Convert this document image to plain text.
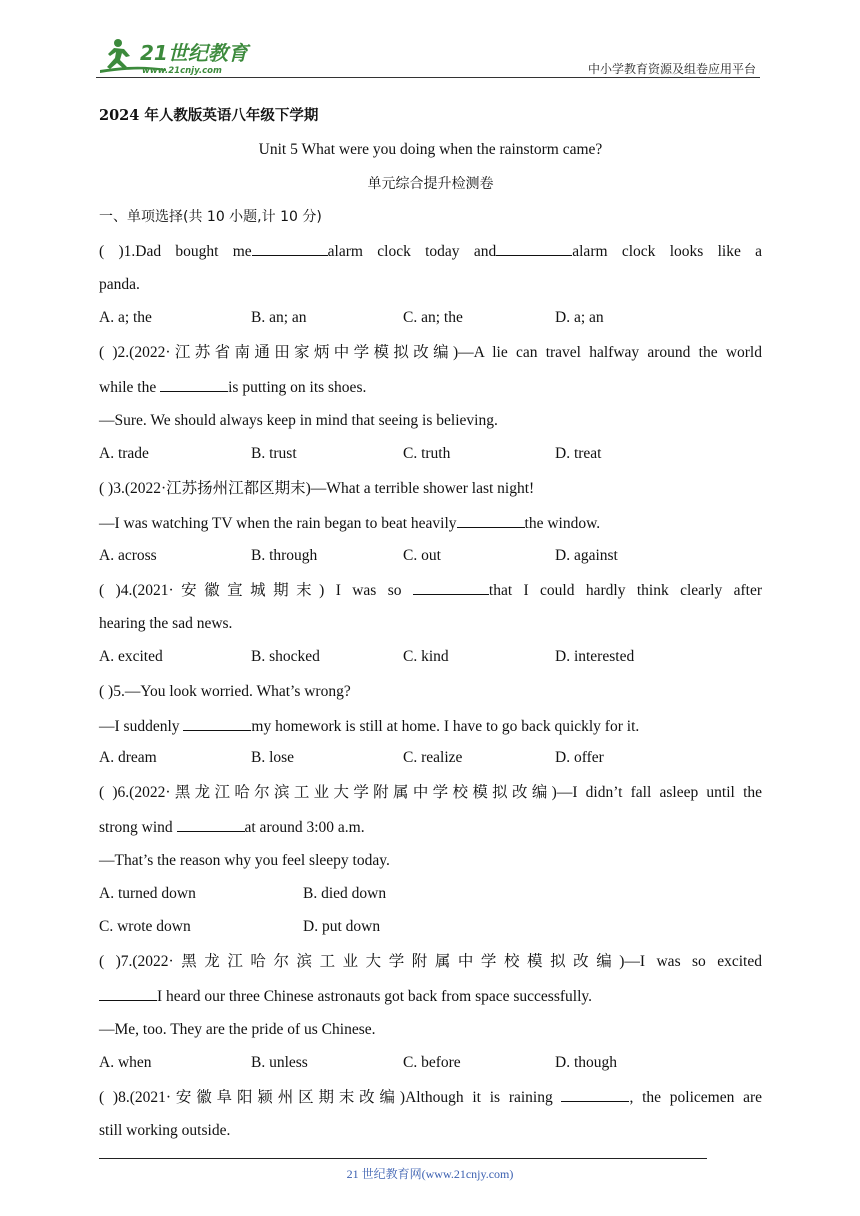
21世纪教育
www.21cnjy.com	中小学教育资源及组卷应用平台
2024 年人教版英语八年级下学期
Unit 5 What were you doing when the rainstorm came?
单元综合提升检测卷
一、单项选择(共 10 小题,计 10 分)
( )1.Dad bought me	alarm clock today and	alarm clock looks like a
panda.
A. a; the	B. an; an	C. an; the	D. a; an
( )2.(2022·江苏省南通田家炳中学模拟改编)—A lie can travel halfway around the world
while the	is putting on its shoes.
—Sure. We should always keep in mind that seeing is believing.
A. trade	B. trust	C. truth	D. treat
( )3.(2022·江苏扬州江都区期末)—What a terrible shower last night!
—I was watching TV when the rain began to beat heavily	the window.
A. across	B. through	C. out	D. against
( )4.(2021·安徽宣城期末) I was so	that I could hardly think clearly after
hearing the sad news.
A. excited	B. shocked	C. kind	D. interested
( )5.—You look worried. What’s wrong?
—I suddenly	my homework is still at home. I have to go back quickly for it.
A. dream	B. lose	C. realize	D. offer
( )6.(2022·黑龙江哈尔滨工业大学附属中学校模拟改编)—I didn’t fall asleep until the
strong wind	at around 3:00 a.m.
—That’s the reason why you feel sleepy today.
A. turned down	B. died down
C. wrote down	D. put down
( )7.(2022·黑龙江哈尔滨工业大学附属中学校模拟改编)—I was so excited
I heard our three Chinese astronauts got back from space successfully.
—Me, too. They are the pride of us Chinese.
A. when	B. unless	C. before	D. though
( )8.(2021·安徽阜阳颍州区期末改编)Although it is raining	, the policemen are
still working outside.
21 世纪教育网(www.21cnjy.com)
